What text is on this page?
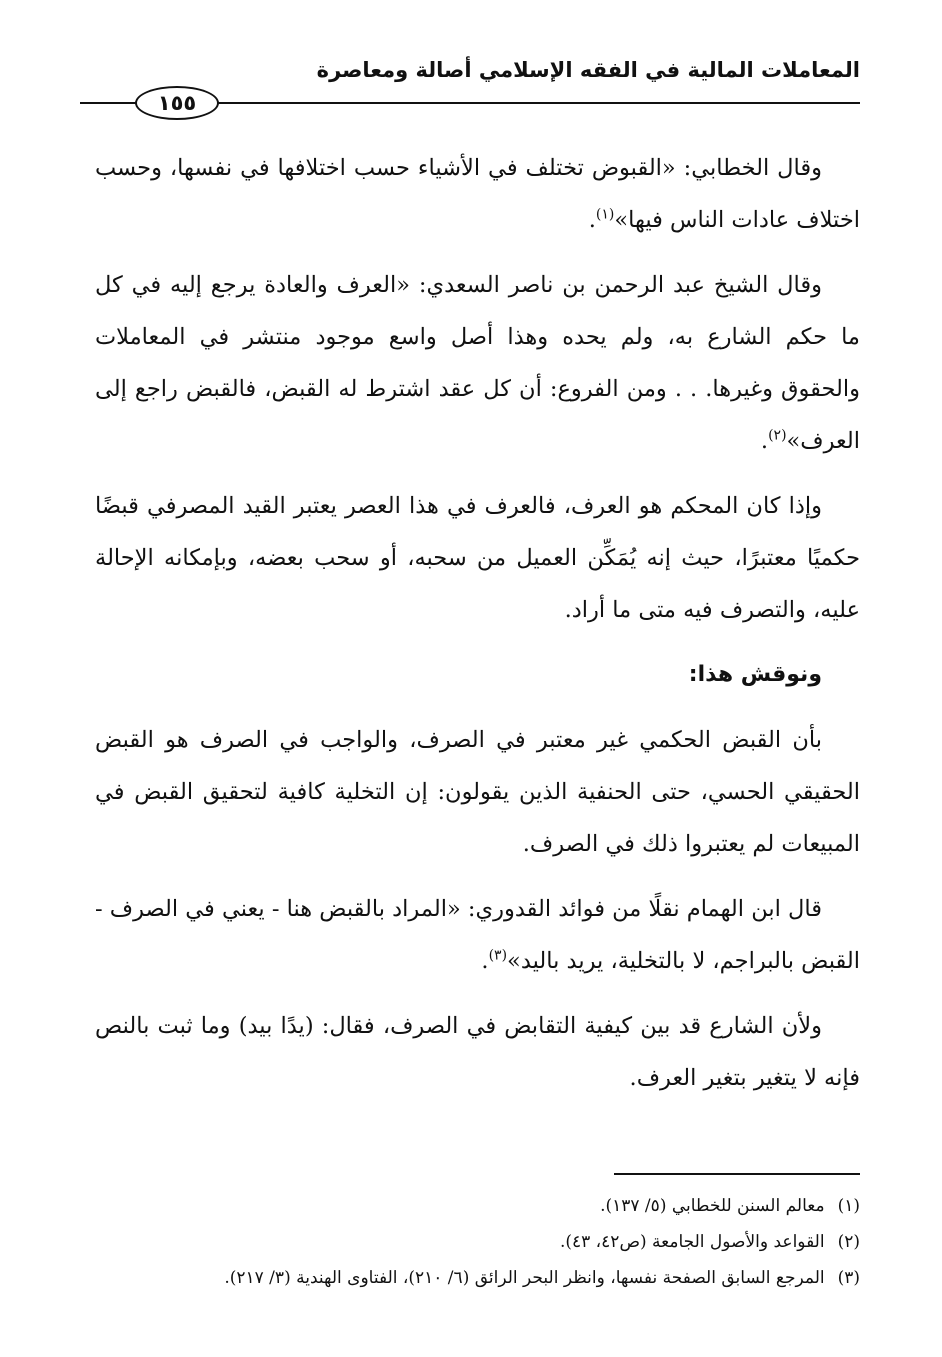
المعاملات المالية في الفقه الإسلامي أصالة ومعاصرة
١٥٥

وقال الخطابي: «القبوض تختلف في الأشياء حسب اختلافها في نفسها، وحسب اختلاف عادات الناس فيها»$^{(١)}$.

وقال الشيخ عبد الرحمن بن ناصر السعدي: «العرف والعادة يرجع إليه في كل ما حكم الشارع به، ولم يحده وهذا أصل واسع موجود منتشر في المعاملات والحقوق وغيرها. . . ومن الفروع: أن كل عقد اشترط له القبض، فالقبض راجع إلى العرف»$^{(٢)}$.

وإذا كان المحكم هو العرف، فالعرف في هذا العصر يعتبر القيد المصرفي قبضًا حكميًا معتبرًا، حيث إنه يُمَكِّن العميل من سحبه، أو سحب بعضه، وبإمكانه الإحالة عليه، والتصرف فيه متى ما أراد.

ونوقش هذا:

بأن القبض الحكمي غير معتبر في الصرف، والواجب في الصرف هو القبض الحقيقي الحسي، حتى الحنفية الذين يقولون: إن التخلية كافية لتحقيق القبض في المبيعات لم يعتبروا ذلك في الصرف.

قال ابن الهمام نقلًا من فوائد القدوري: «المراد بالقبض هنا - يعني في الصرف - القبض بالبراجم، لا بالتخلية، يريد باليد»$^{(٣)}$.

ولأن الشارع قد بين كيفية التقابض في الصرف، فقال: (يدًا بيد) وما ثبت بالنص فإنه لا يتغير بتغير العرف.

(١) معالم السنن للخطابي (٥/ ١٣٧).

(٢) القواعد والأصول الجامعة (ص٤٢، ٤٣).

(٣) المرجع السابق الصفحة نفسها، وانظر البحر الرائق (٦/ ٢١٠)، الفتاوى الهندية (٣/ ٢١٧).
